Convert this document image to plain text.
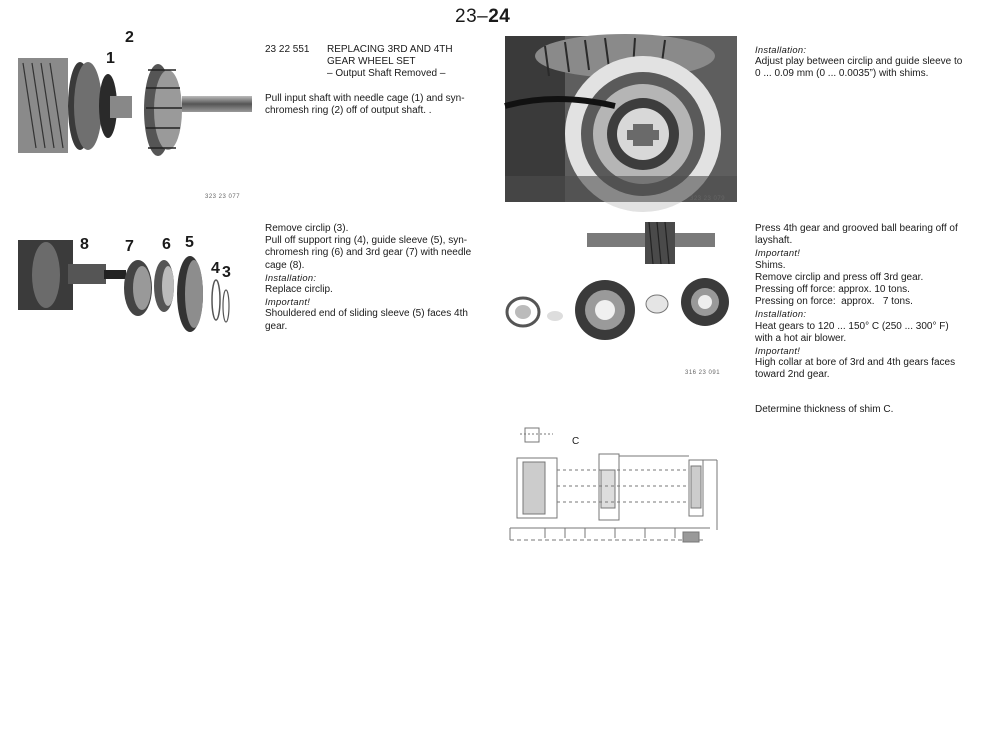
23–24
1
2
323 23 077
23 22 551 REPLACING 3RD AND 4TH

GEAR WHEEL SET

– Output Shaft Removed –

Pull input shaft with needle cage (1) and syn-

chromesh ring (2) off of output shaft. .

8 7 6 5
4 3

Remove circlip (3).

Pull off support ring (4), guide sleeve (5), syn-

chromesh ring (6) and 3rd gear (7) with needle

cage (8).

Installation:

Replace circlip.

Important!

Shouldered end of sliding sleeve (5) faces 4th

gear.

323 23 079

Installation:

Adjust play between circlip and guide sleeve to

0 ... 0.09 mm (0 ... 0.0035”) with shims.

316 23 091

Press 4th gear and grooved ball bearing off of

layshaft.

Important!

Shims.

Remove circlip and press off 3rd gear.

Pressing off force: approx. 10 tons.

Pressing on force:  approx.   7 tons.

Installation:

Heat gears to 120 ... 150° C (250 ... 300° F)

with a hot air blower.

Important!

High collar at bore of 3rd and 4th gears faces

toward 2nd gear.

Determine thickness of shim C.

C
